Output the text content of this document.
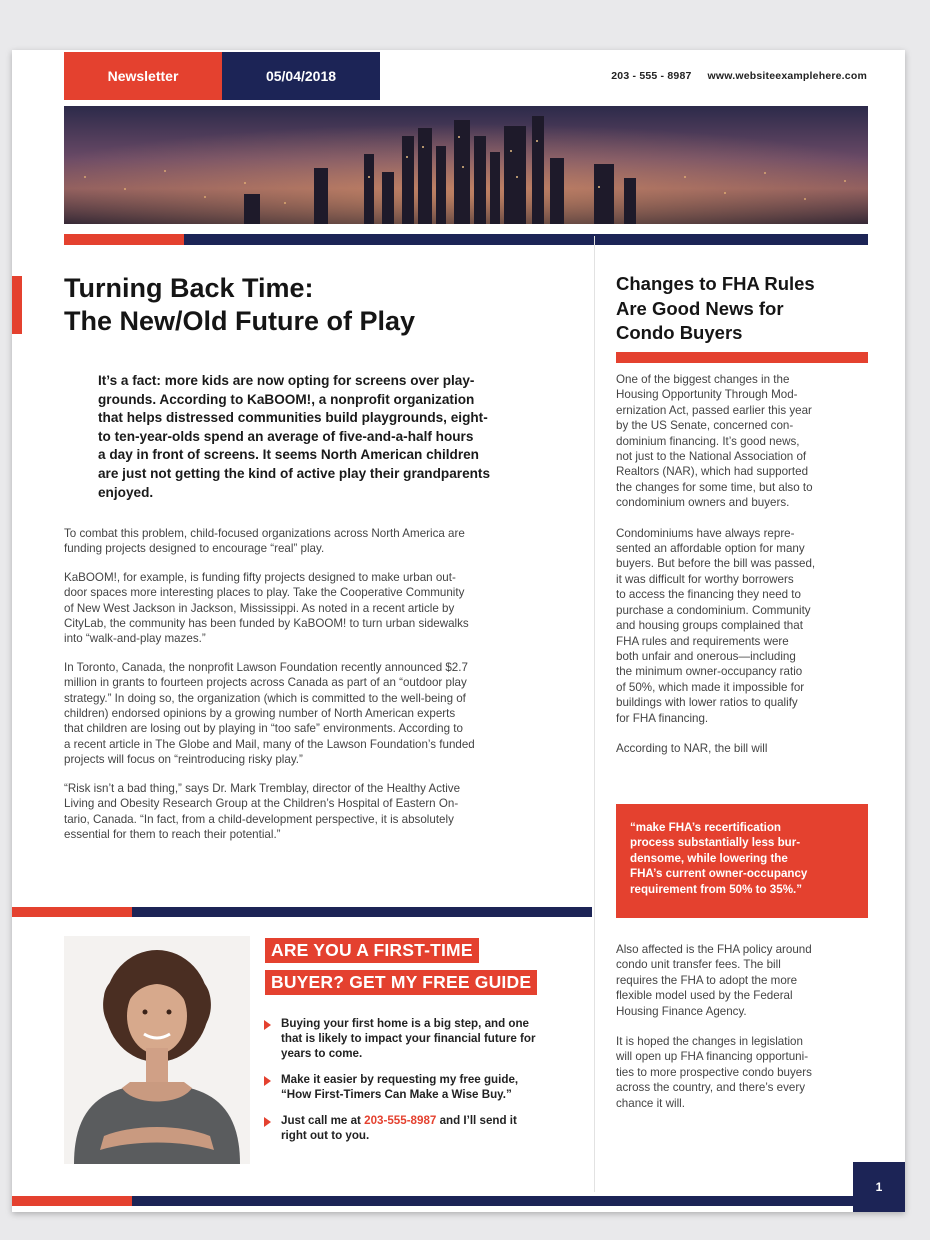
Newsletter	05/04/2018	203 - 555 - 8987 www.websiteexamplehere.com
Turning Back Time:
The New/Old Future of Play
It’s a fact: more kids are now opting for screens over play-
grounds. According to KaBOOM!, a nonprofit organization
that helps distressed communities build playgrounds, eight-
to ten-year-olds spend an average of five-and-a-half hours
a day in front of screens. It seems North American children
are just not getting the kind of active play their grandparents
enjoyed.

To combat this problem, child-focused organizations across North America are
funding projects designed to encourage “real” play.

KaBOOM!, for example, is funding fifty projects designed to make urban out-
door spaces more interesting places to play. Take the Cooperative Community
of New West Jackson in Jackson, Mississippi. As noted in a recent article by
CityLab, the community has been funded by KaBOOM! to turn urban sidewalks
into “walk-and-play mazes.”

In Toronto, Canada, the nonprofit Lawson Foundation recently announced $2.7
million in grants to fourteen projects across Canada as part of an “outdoor play
strategy.” In doing so, the organization (which is committed to the well-being of
children) endorsed opinions by a growing number of North American experts
that children are losing out by playing in “too safe” environments. According to
a recent article in The Globe and Mail, many of the Lawson Foundation’s funded
projects will focus on “reintroducing risky play.”

“Risk isn’t a bad thing,” says Dr. Mark Tremblay, director of the Healthy Active
Living and Obesity Research Group at the Children’s Hospital of Eastern On-
tario, Canada. “In fact, from a child-development perspective, it is absolutely
essential for them to reach their potential.”

ARE YOU A FIRST-TIME
BUYER? GET MY FREE GUIDE
Buying your first home is a big step, and one
that is likely to impact your financial future for
years to come.
Make it easier by requesting my free guide,
“How First-Timers Can Make a Wise Buy.”
Just call me at 203-555-8987 and I’ll send it
right out to you.
Changes to FHA Rules
Are Good News for
Condo Buyers

One of the biggest changes in the
Housing Opportunity Through Mod-
ernization Act, passed earlier this year
by the US Senate, concerned con-
dominium financing. It’s good news,
not just to the National Association of
Realtors (NAR), which had supported
the changes for some time, but also to
condominium owners and buyers.

Condominiums have always repre-
sented an affordable option for many
buyers. But before the bill was passed,
it was difficult for worthy borrowers
to access the financing they need to
purchase a condominium. Community
and housing groups complained that
FHA rules and requirements were
both unfair and onerous—including
the minimum owner-occupancy ratio
of 50%, which made it impossible for
buildings with lower ratios to qualify
for FHA financing.

According to NAR, the bill will

“make FHA’s recertification
process substantially less bur-
densome, while lowering the
FHA’s current owner-occupancy
requirement from 50% to 35%.”

Also affected is the FHA policy around
condo unit transfer fees. The bill
requires the FHA to adopt the more
flexible model used by the Federal
Housing Finance Agency.

It is hoped the changes in legislation
will open up FHA financing opportuni-
ties to more prospective condo buyers
across the country, and there’s every
chance it will.

1
